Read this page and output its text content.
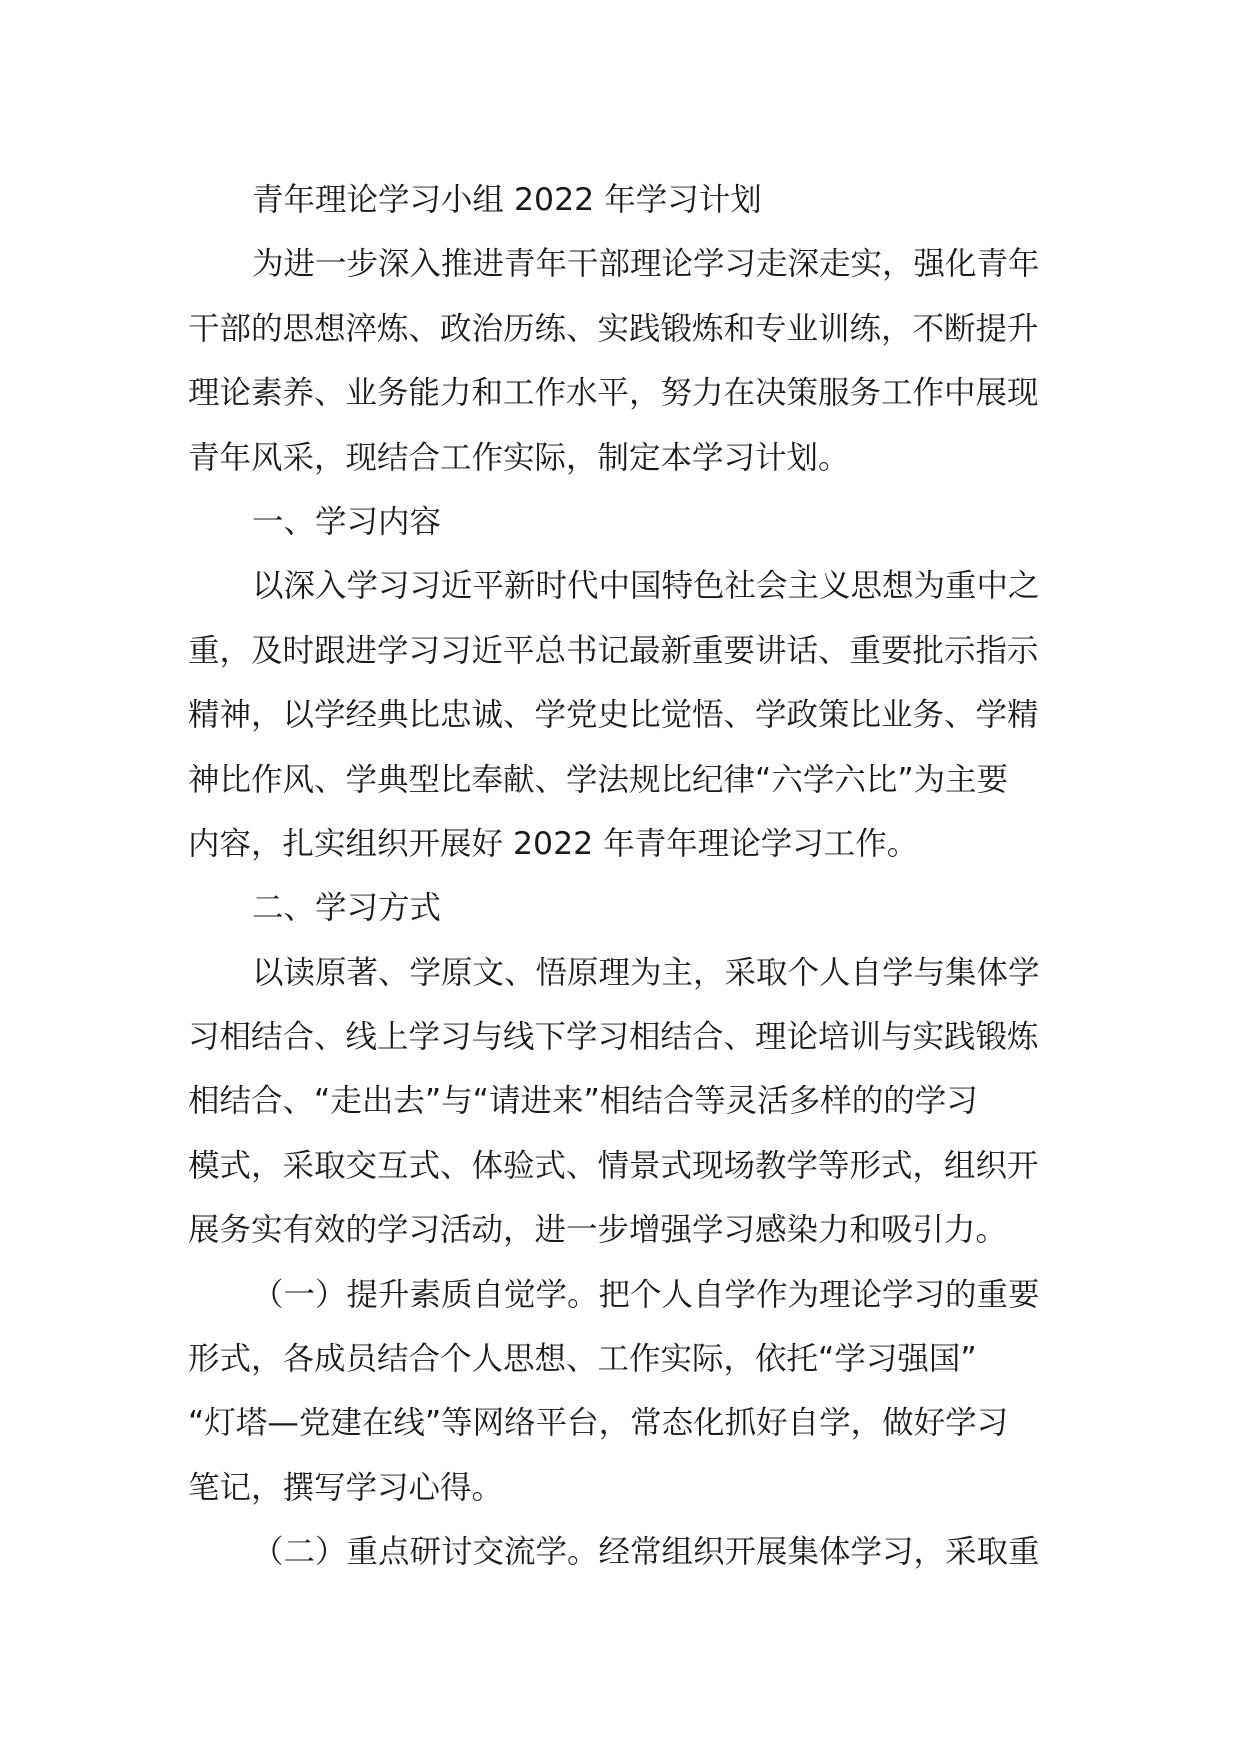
青年理论学习小组 2022 年学习计划
为进一步深入推进青年干部理论学习走深走实，强化青年
干部的思想淬炼、政治历练、实践锻炼和专业训练，不断提升
理论素养、业务能力和工作水平，努力在决策服务工作中展现
青年风采，现结合工作实际，制定本学习计划。
一、学习内容
以深入学习习近平新时代中国特色社会主义思想为重中之
重，及时跟进学习习近平总书记最新重要讲话、重要批示指示
精神，以学经典比忠诚、学党史比觉悟、学政策比业务、学精
神比作风、学典型比奉献、学法规比纪律“六学六比”为主要
内容，扎实组织开展好 2022 年青年理论学习工作。
二、学习方式
以读原著、学原文、悟原理为主，采取个人自学与集体学
习相结合、线上学习与线下学习相结合、理论培训与实践锻炼
相结合、“走出去”与“请进来”相结合等灵活多样的的学习
模式，采取交互式、体验式、情景式现场教学等形式，组织开
展务实有效的学习活动，进一步增强学习感染力和吸引力。
（一）提升素质自觉学。把个人自学作为理论学习的重要
形式，各成员结合个人思想、工作实际，依托“学习强国”
“灯塔—党建在线”等网络平台，常态化抓好自学，做好学习
笔记，撰写学习心得。
（二）重点研讨交流学。经常组织开展集体学习，采取重
